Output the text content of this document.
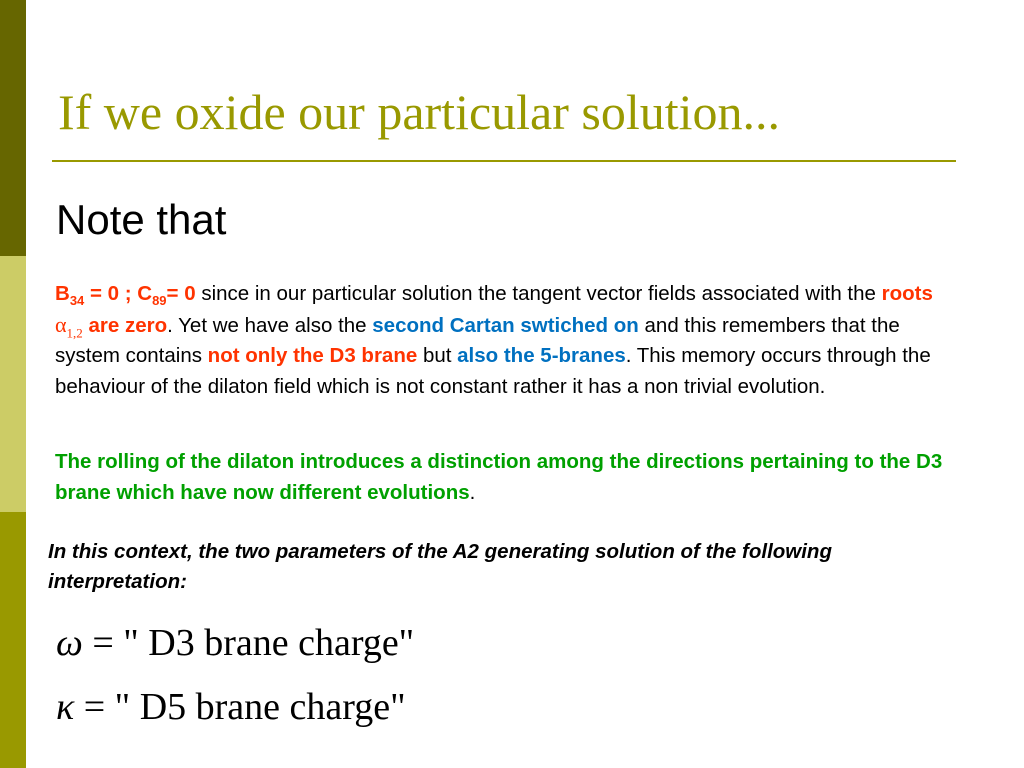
If we oxide our particular solution...
Note that
$B_{34} = 0$ ; $C_{89}= 0$ since in our particular solution the tangent vector fields associated with the roots $\alpha_{1,2}$ are zero. Yet we have also the second Cartan swtiched on and this remembers that the system contains not only the D3 brane but also the 5-branes. This memory occurs through the behaviour of the dilaton field which is not constant rather it has a non trivial evolution.
The rolling of the dilaton introduces a distinction among the directions pertaining to the D3 brane which have now different evolutions.
In this context, the two parameters of the A2 generating solution of the following interpretation:
ω = " D3 brane charge"
κ = " D5 brane charge"
